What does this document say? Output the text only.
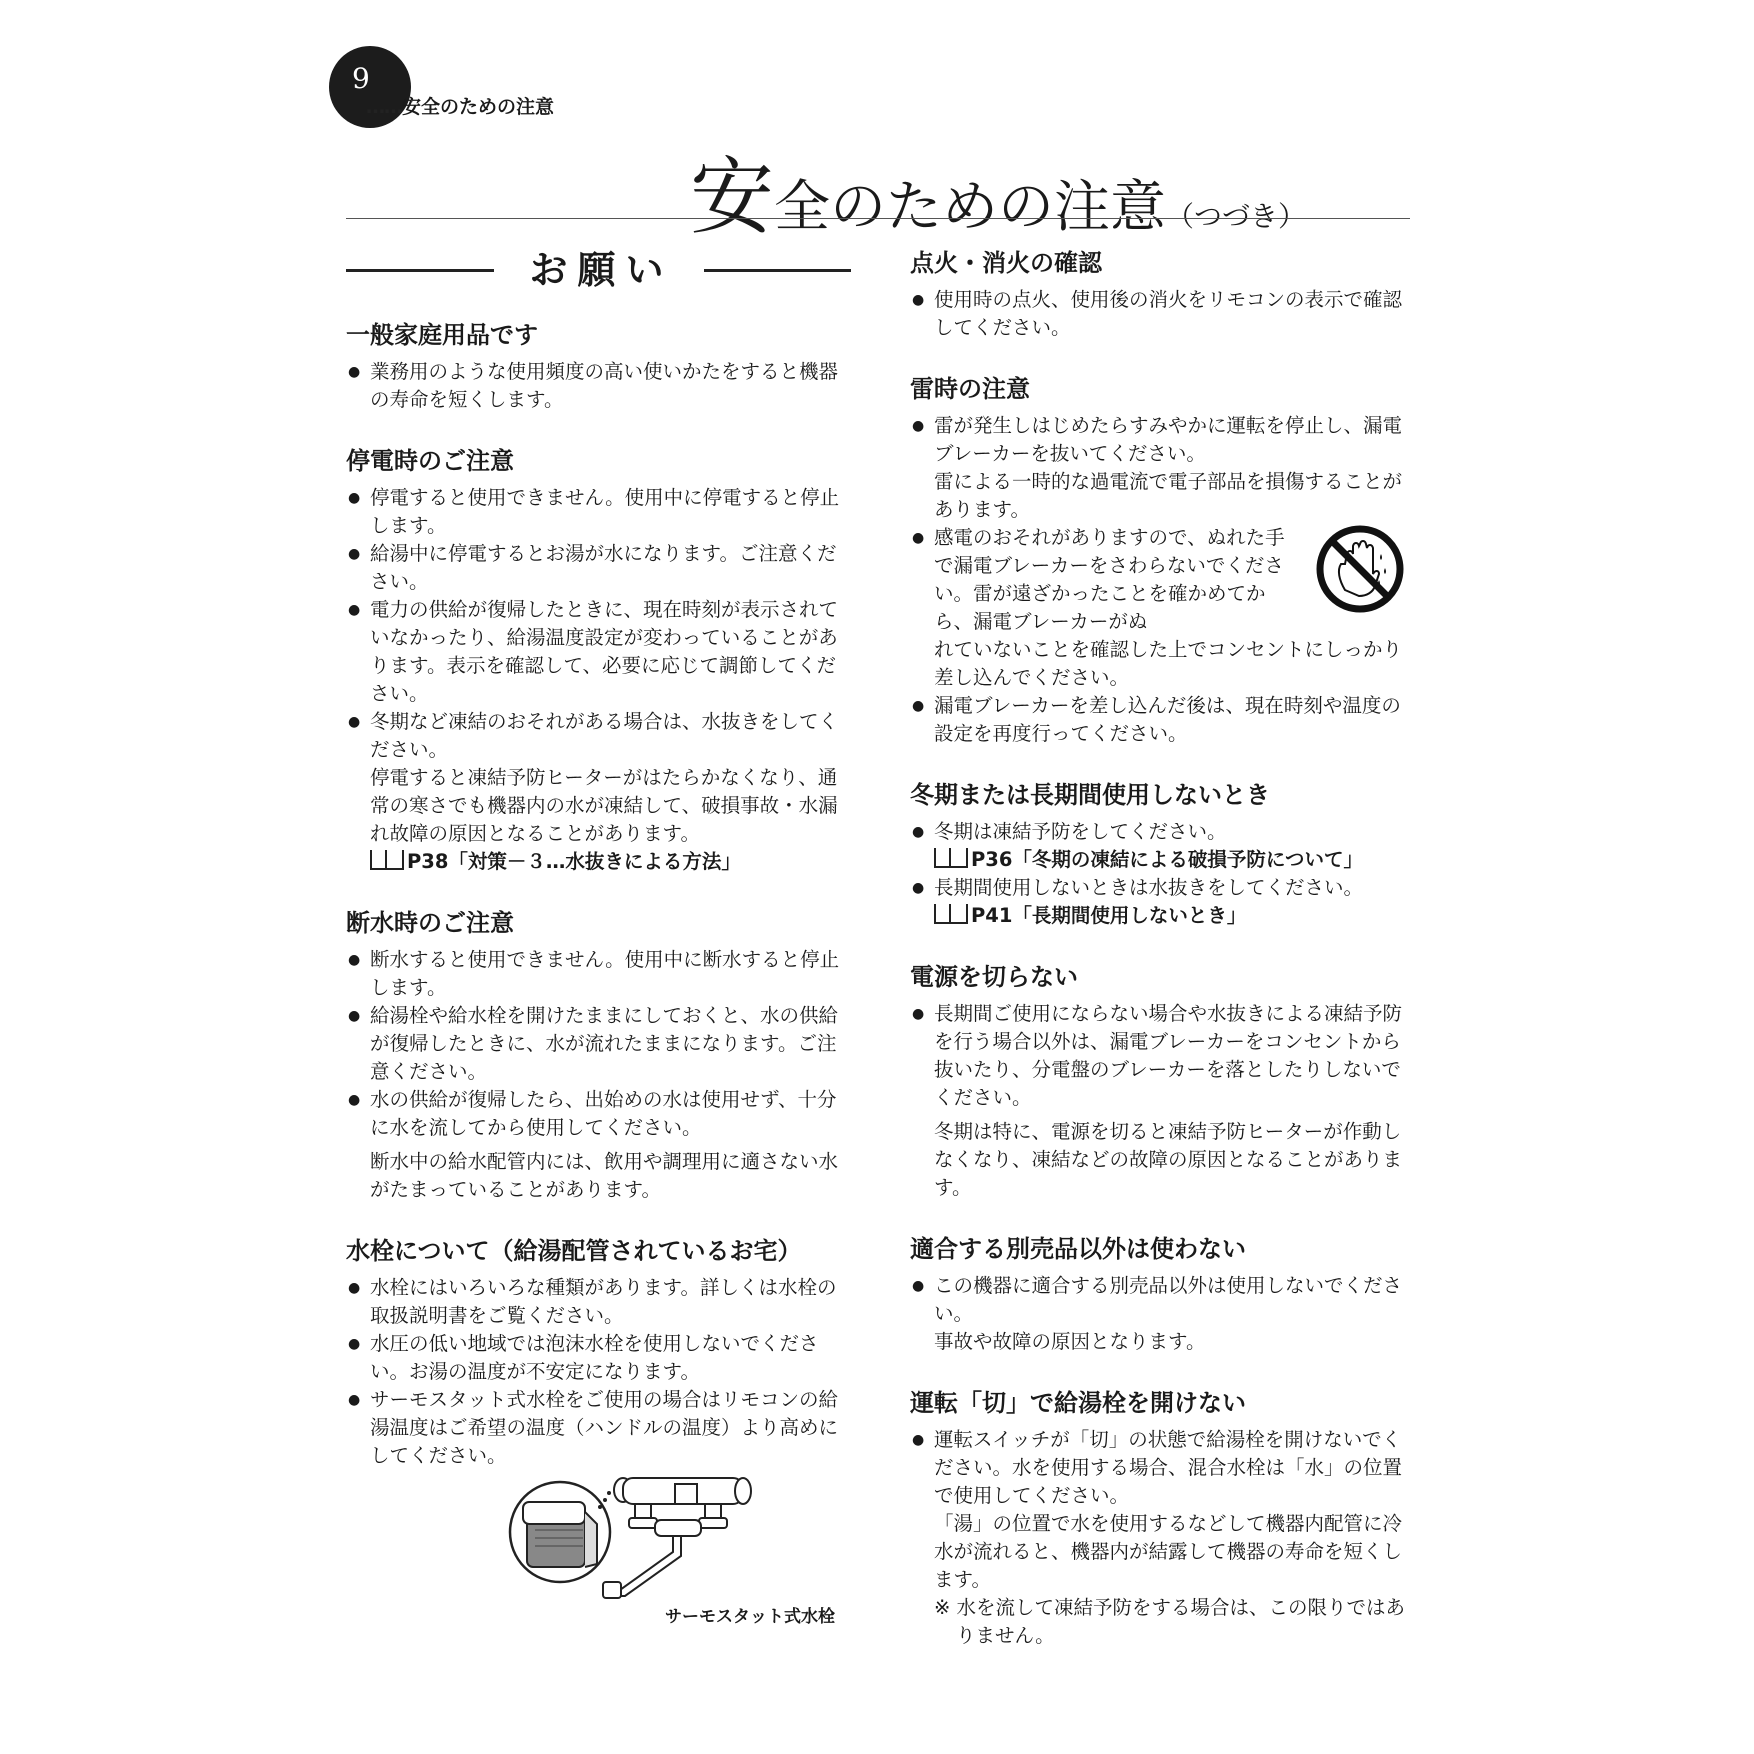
9
……安全のための注意
安全のための注意（つづき）
お願い
一般家庭用品です
● 業務用のような使用頻度の高い使いかたをすると機器の寿命を短くします。
停電時のご注意
● 停電すると使用できません。使用中に停電すると停止します。
● 給湯中に停電するとお湯が水になります。ご注意ください。
● 電力の供給が復帰したときに、現在時刻が表示されていなかったり、給湯温度設定が変わっていることがあります。表示を確認して、必要に応じて調節してください。
● 冬期など凍結のおそれがある場合は、水抜きをしてください。
停電すると凍結予防ヒーターがはたらかなくなり、通常の寒さでも機器内の水が凍結して、破損事故・水漏れ故障の原因となることがあります。
P38「対策－３…水抜きによる方法」
断水時のご注意
● 断水すると使用できません。使用中に断水すると停止します。
● 給湯栓や給水栓を開けたままにしておくと、水の供給が復帰したときに、水が流れたままになります。ご注意ください。
● 水の供給が復帰したら、出始めの水は使用せず、十分に水を流してから使用してください。
断水中の給水配管内には、飲用や調理用に適さない水がたまっていることがあります。
水栓について（給湯配管されているお宅）
● 水栓にはいろいろな種類があります。詳しくは水栓の取扱説明書をご覧ください。
● 水圧の低い地域では泡沫水栓を使用しないでください。お湯の温度が不安定になります。
● サーモスタット式水栓をご使用の場合はリモコンの給湯温度はご希望の温度（ハンドルの温度）より高めにしてください。
サーモスタット式水栓
点火・消火の確認
● 使用時の点火、使用後の消火をリモコンの表示で確認してください。
雷時の注意
● 雷が発生しはじめたらすみやかに運転を停止し、漏電ブレーカーを抜いてください。
雷による一時的な過電流で電子部品を損傷することがあります。
● 感電のおそれがありますので、ぬれた手で漏電ブレーカーをさわらないでください。雷が遠ざかったことを確かめてから、漏電ブレーカーがぬ
れていないことを確認した上でコンセントにしっかり差し込んでください。
● 漏電ブレーカーを差し込んだ後は、現在時刻や温度の設定を再度行ってください。
冬期または長期間使用しないとき
● 冬期は凍結予防をしてください。
P36「冬期の凍結による破損予防について」
● 長期間使用しないときは水抜きをしてください。
P41「長期間使用しないとき」
電源を切らない
● 長期間ご使用にならない場合や水抜きによる凍結予防を行う場合以外は、漏電ブレーカーをコンセントから抜いたり、分電盤のブレーカーを落としたりしないでください。
冬期は特に、電源を切ると凍結予防ヒーターが作動しなくなり、凍結などの故障の原因となることがあります。
適合する別売品以外は使わない
● この機器に適合する別売品以外は使用しないでください。
事故や故障の原因となります。
運転「切」で給湯栓を開けない
● 運転スイッチが「切」の状態で給湯栓を開けないでください。水を使用する場合、混合水栓は「水」の位置で使用してください。
「湯」の位置で水を使用するなどして機器内配管に冷水が流れると、機器内が結露して機器の寿命を短くします。
※ 水を流して凍結予防をする場合は、この限りではありません。
